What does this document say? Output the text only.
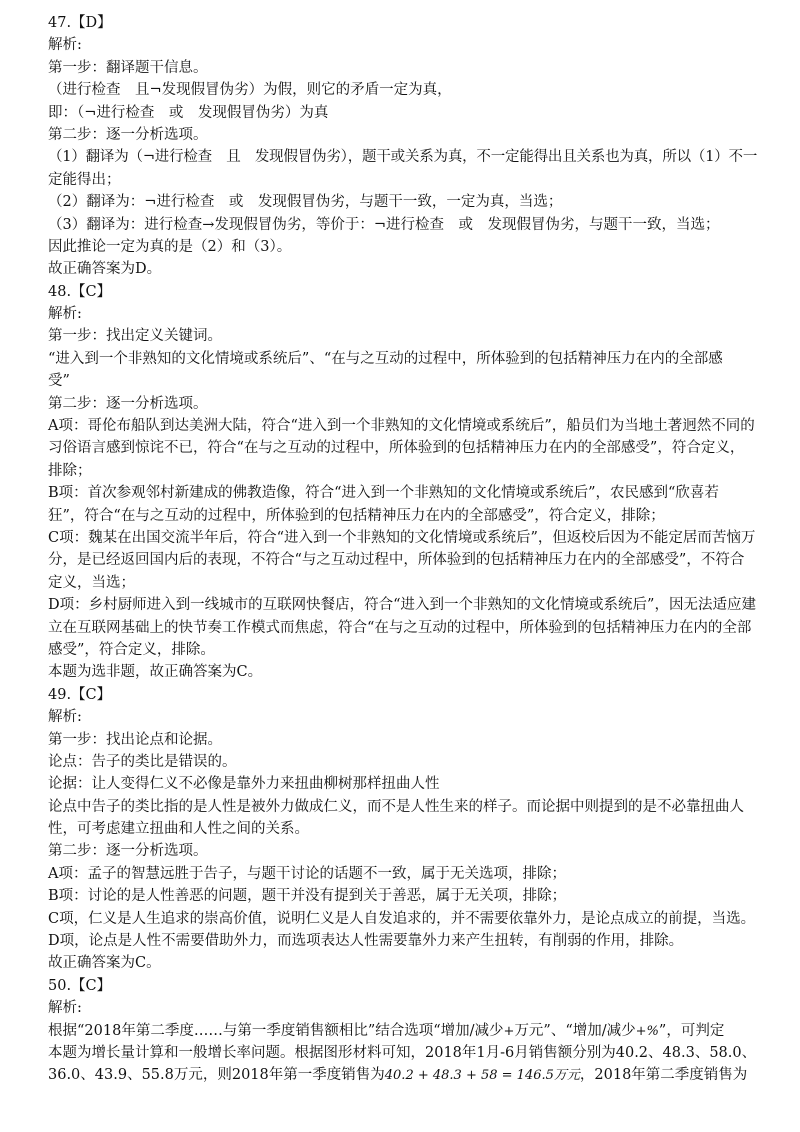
47.【D】
解析:
第一步：翻译题干信息。
（进行检查　且¬发现假冒伪劣）为假，则它的矛盾一定为真，
即：（¬进行检查　或　发现假冒伪劣）为真
第二步：逐一分析选项。
（1）翻译为（¬进行检查　且　发现假冒伪劣），题干或关系为真，不一定能得出且关系也为真，所以（1）不一
定能得出；
（2）翻译为：¬进行检查　或　发现假冒伪劣，与题干一致，一定为真，当选；
（3）翻译为：进行检查→发现假冒伪劣，等价于：¬进行检查　或　发现假冒伪劣，与题干一致，当选；
因此推论一定为真的是（2）和（3）。
故正确答案为D。
48.【C】
解析:
第一步：找出定义关键词。
“进入到一个非熟知的文化情境或系统后”、“在与之互动的过程中，所体验到的包括精神压力在内的全部感
受”
第二步：逐一分析选项。
A项：哥伦布船队到达美洲大陆，符合“进入到一个非熟知的文化情境或系统后”，船员们为当地土著迥然不同的
习俗语言感到惊诧不已，符合“在与之互动的过程中，所体验到的包括精神压力在内的全部感受”，符合定义，
排除；
B项：首次参观邻村新建成的佛教造像，符合“进入到一个非熟知的文化情境或系统后”，农民感到“欣喜若
狂”，符合“在与之互动的过程中，所体验到的包括精神压力在内的全部感受”，符合定义，排除；
C项：魏某在出国交流半年后，符合“进入到一个非熟知的文化情境或系统后”，但返校后因为不能定居而苦恼万
分，是已经返回国内后的表现，不符合“与之互动过程中，所体验到的包括精神压力在内的全部感受”，不符合
定义，当选；
D项：乡村厨师进入到一线城市的互联网快餐店，符合“进入到一个非熟知的文化情境或系统后”，因无法适应建
立在互联网基础上的快节奏工作模式而焦虑，符合“在与之互动的过程中，所体验到的包括精神压力在内的全部
感受”，符合定义，排除。
本题为选非题，故正确答案为C。
49.【C】
解析:
第一步：找出论点和论据。
论点：告子的类比是错误的。
论据：让人变得仁义不必像是靠外力来扭曲柳树那样扭曲人性
论点中告子的类比指的是人性是被外力做成仁义，而不是人性生来的样子。而论据中则提到的是不必靠扭曲人
性，可考虑建立扭曲和人性之间的关系。
第二步：逐一分析选项。
A项：孟子的智慧远胜于告子，与题干讨论的话题不一致，属于无关选项，排除；
B项：讨论的是人性善恶的问题，题干并没有提到关于善恶，属于无关项，排除；
C项，仁义是人生追求的崇高价值，说明仁义是人自发追求的，并不需要依靠外力，是论点成立的前提，当选。
D项，论点是人性不需要借助外力，而选项表达人性需要靠外力来产生扭转，有削弱的作用，排除。
故正确答案为C。
50.【C】
解析:
根据“2018年第二季度……与第一季度销售额相比”结合选项“增加/减少+万元”、“增加/减少+%”，可判定
本题为增长量计算和一般增长率问题。根据图形材料可知，2018年1月-6月销售额分别为40.2、48.3、58.0、
36.0、43.9、55.8万元，则2018年第一季度销售为40.2 + 48.3 + 58 = 146.5万元，2018年第二季度销售为
